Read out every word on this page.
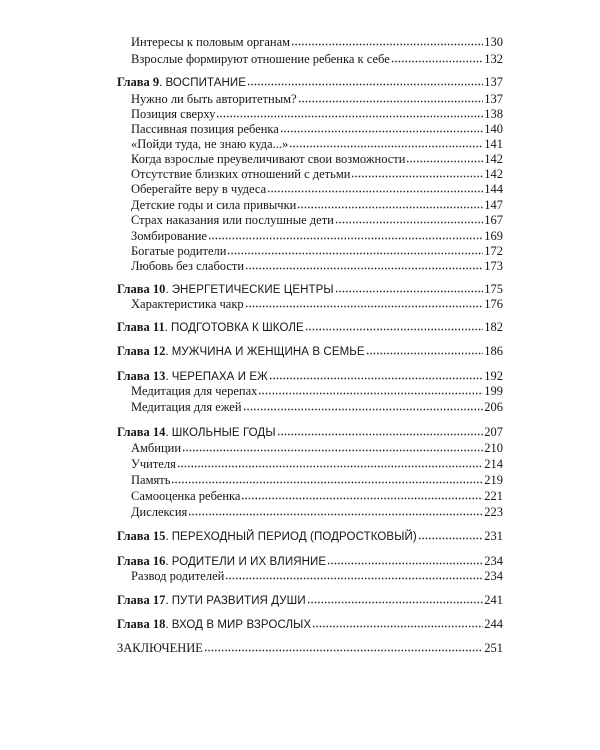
Интересы к половым органам	130
Взрослые формируют отношение ребенка к себе	132
Глава 9. ВОСПИТАНИЕ	137
Нужно ли быть авторитетным?	137
Позиция сверху	138
Пассивная позиция ребенка	140
«Пойди туда, не знаю куда...»	141
Когда взрослые преувеличивают свои возможности	142
Отсутствие близких отношений с детьми	142
Оберегайте веру в чудеса	144
Детские годы и сила привычки	147
Страх наказания или послушные дети	167
Зомбирование	169
Богатые родители	172
Любовь без слабости	173
Глава 10. ЭНЕРГЕТИЧЕСКИЕ ЦЕНТРЫ	175
Характеристика чакр	176
Глава 11. ПОДГОТОВКА К ШКОЛЕ	182
Глава 12. МУЖЧИНА И ЖЕНЩИНА В СЕМЬЕ	186
Глава 13. ЧЕРЕПАХА И ЕЖ	192
Медитация для черепах	199
Медитация для ежей	206
Глава 14. ШКОЛЬНЫЕ ГОДЫ	207
Амбиции	210
Учителя	214
Память	219
Самооценка ребенка	221
Дислексия	223
Глава 15. ПЕРЕХОДНЫЙ ПЕРИОД (ПОДРОСТКОВЫЙ)	231
Глава 16. РОДИТЕЛИ И ИХ ВЛИЯНИЕ	234
Развод родителей	234
Глава 17. ПУТИ РАЗВИТИЯ ДУШИ	241
Глава 18. ВХОД В МИР ВЗРОСЛЫХ	244
ЗАКЛЮЧЕНИЕ	251
